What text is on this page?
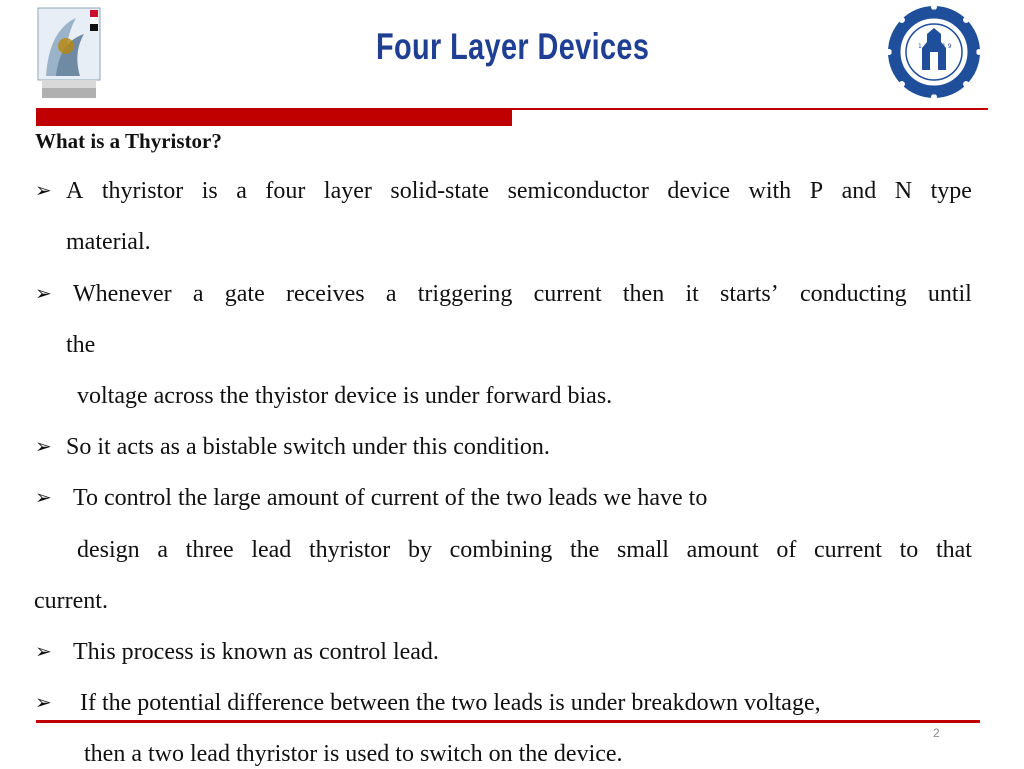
Four Layer Devices	1 4 1 9
What is a Thyristor?
➢ A thyristor is a four layer solid-state semiconductor device with P and N type
material.
➢ Whenever a gate receives a triggering current then it starts’ conducting until
the
voltage across the thyistor device is under forward bias.
➢ So it acts as a bistable switch under this condition.
➢ To control the large amount of current of the two leads we have to
design a three lead thyristor by combining the small amount of current to that
current.
➢ This process is known as control lead.
➢ If the potential difference between the two leads is under breakdown voltage,
then a two lead thyristor is used to switch on the device.
2
